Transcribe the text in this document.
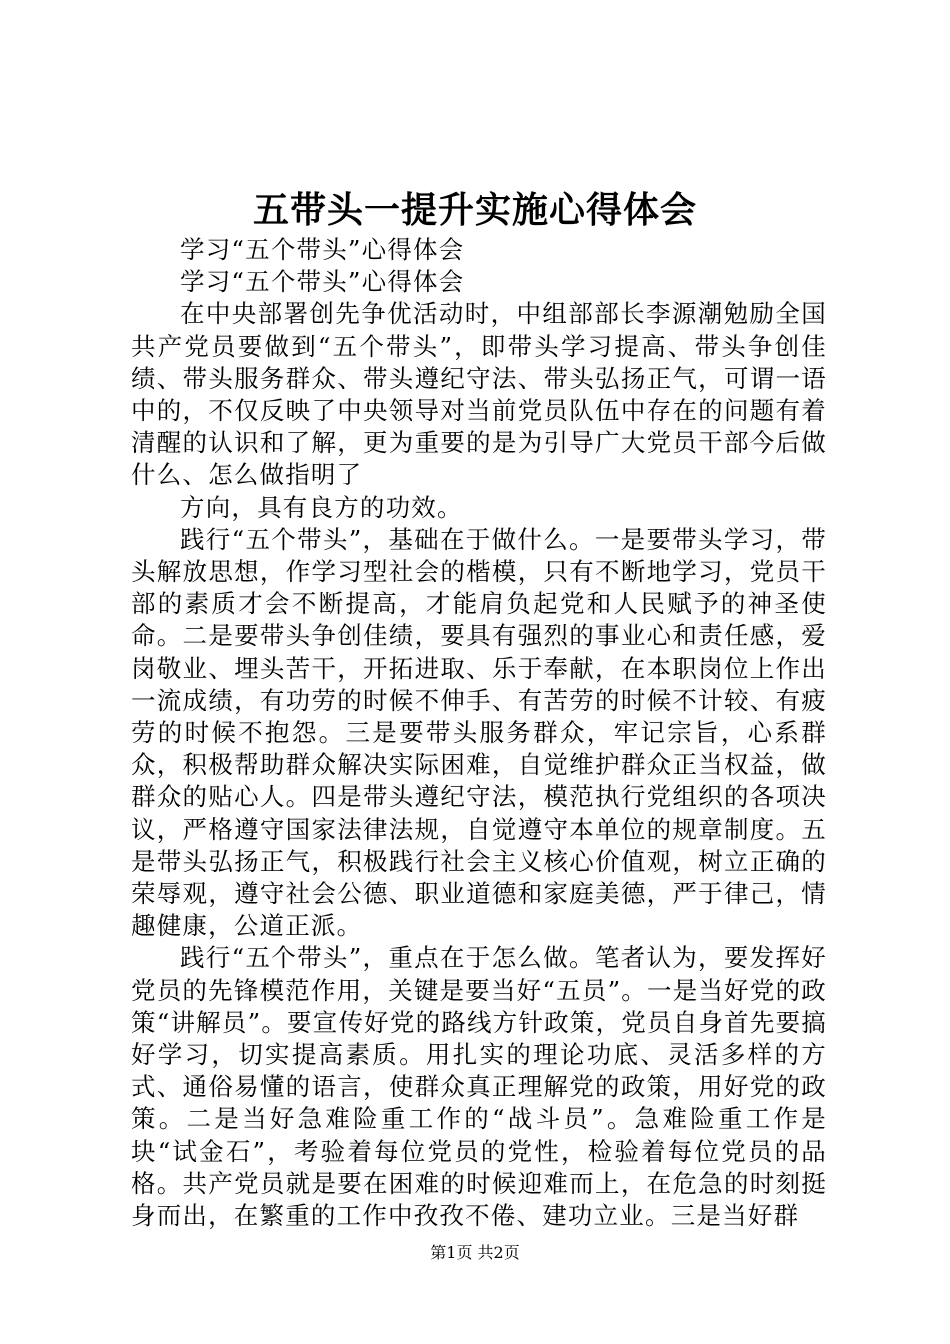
五带头一提升实施心得体会

学习“五个带头”心得体会

学习“五个带头”心得体会

在中央部署创先争优活动时，中组部部长李源潮勉励全国共产党员要做到“五个带头”，即带头学习提高、带头争创佳绩、带头服务群众、带头遵纪守法、带头弘扬正气，可谓一语中的，不仅反映了中央领导对当前党员队伍中存在的问题有着清醒的认识和了解，更为重要的是为引导广大党员干部今后做什么、怎么做指明了

方向，具有良方的功效。

践行“五个带头”，基础在于做什么。一是要带头学习，带头解放思想，作学习型社会的楷模，只有不断地学习，党员干部的素质才会不断提高，才能肩负起党和人民赋予的神圣使命。二是要带头争创佳绩，要具有强烈的事业心和责任感，爱岗敬业、埋头苦干，开拓进取、乐于奉献，在本职岗位上作出一流成绩，有功劳的时候不伸手、有苦劳的时候不计较、有疲劳的时候不抱怨。三是要带头服务群众，牢记宗旨，心系群众，积极帮助群众解决实际困难，自觉维护群众正当权益，做群众的贴心人。四是带头遵纪守法，模范执行党组织的各项决议，严格遵守国家法律法规，自觉遵守本单位的规章制度。五是带头弘扬正气，积极践行社会主义核心价值观，树立正确的荣辱观，遵守社会公德、职业道德和家庭美德，严于律己，情趣健康，公道正派。

践行“五个带头”，重点在于怎么做。笔者认为，要发挥好党员的先锋模范作用，关键是要当好“五员”。一是当好党的政策“讲解员”。要宣传好党的路线方针政策，党员自身首先要搞好学习，切实提高素质。用扎实的理论功底、灵活多样的方式、通俗易懂的语言，使群众真正理解党的政策，用好党的政策。二是当好急难险重工作的“战斗员”。急难险重工作是块“试金石”，考验着每位党员的党性，检验着每位党员的品格。共产党员就是要在困难的时候迎难而上，在危急的时刻挺身而出，在繁重的工作中孜孜不倦、建功立业。三是当好群

第1页 共2页
